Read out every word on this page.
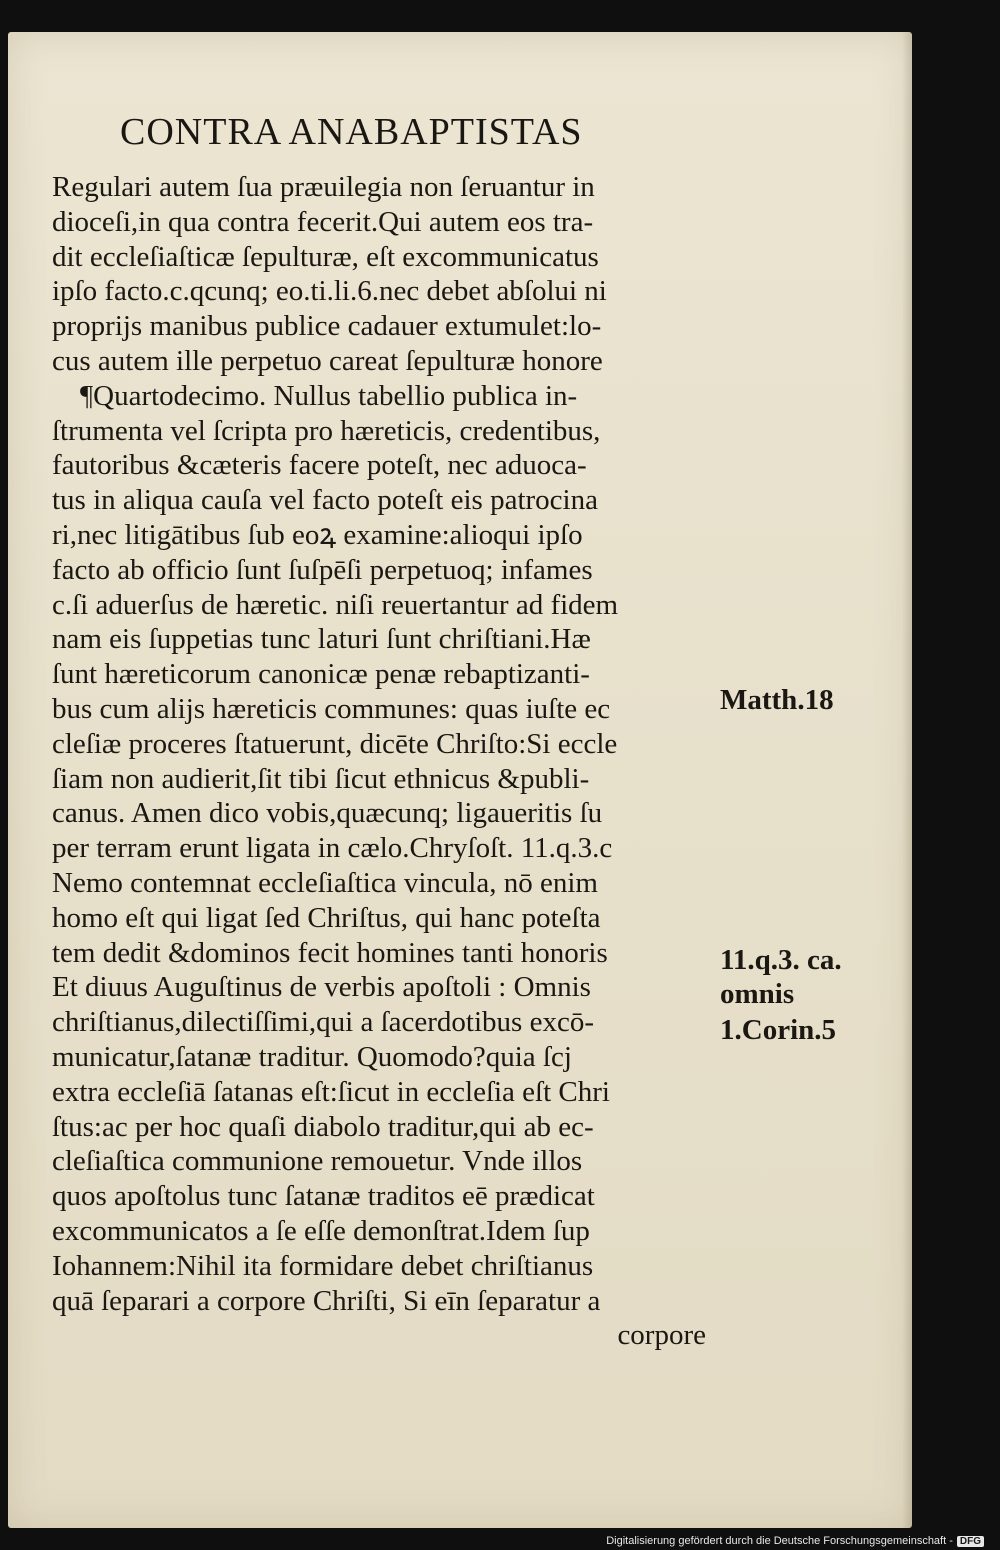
CONTRA ANABAPTISTAS
Regulari autem ſua præuilegia non ſeruantur in
dioceſi,in qua contra fecerit.Qui autem eos tra-
dit eccleſiaſticæ ſepulturæ, eſt excommunicatus
ipſo facto.c.qcunq; eo.ti.li.6.nec debet abſolui ni
proprijs manibus publice cadauer extumulet:lo-
cus autem ille perpetuo careat ſepulturæ honore
¶Quartodecimo. Nullus tabellio publica in-
ſtrumenta vel ſcripta pro hæreticis, credentibus,
fautoribus &cæteris facere poteſt, nec aduoca-
tus in aliqua cauſa vel facto poteſt eis patrocina
ri,nec litigātibus ſub eoꝝ examine:alioqui ipſo
facto ab officio ſunt ſuſpēſi perpetuoq; infames
c.ſi aduerſus de hæretic. niſi reuertantur ad fidem
nam eis ſuppetias tunc laturi ſunt chriſtiani.Hæ
ſunt hæreticorum canonicæ penæ rebaptizanti-
bus cum alijs hæreticis communes: quas iuſte ec
cleſiæ proceres ſtatuerunt, dicēte Chriſto:Si eccle
ſiam non audierit,ſit tibi ſicut ethnicus &publi-
canus. Amen dico vobis,quæcunq; ligaueritis ſu
per terram erunt ligata in cælo.Chryſoſt. 11.q.3.c
Nemo contemnat eccleſiaſtica vincula, nō enim
homo eſt qui ligat ſed Chriſtus, qui hanc poteſta
tem dedit &dominos fecit homines tanti honoris
Et diuus Auguſtinus de verbis apoſtoli : Omnis
chriſtianus,dilectiſſimi,qui a ſacerdotibus excō-
municatur,ſatanæ traditur. Quomodo?quia ſcj
extra eccleſiā ſatanas eſt:ſicut in eccleſia eſt Chri
ſtus:ac per hoc quaſi diabolo traditur,qui ab ec-
cleſiaſtica communione remouetur. Vnde illos
quos apoſtolus tunc ſatanæ traditos eē prædicat
excommunicatos a ſe eſſe demonſtrat.Idem ſup
Iohannem:Nihil ita formidare debet chriſtianus
quā ſeparari a corpore Chriſti, Si eīn ſeparatur a
corpore
Matth.18
11.q.3. ca.
omnis
1.Corin.5
Digitalisierung gefördert durch die Deutsche Forschungsgemeinschaft - DFG
